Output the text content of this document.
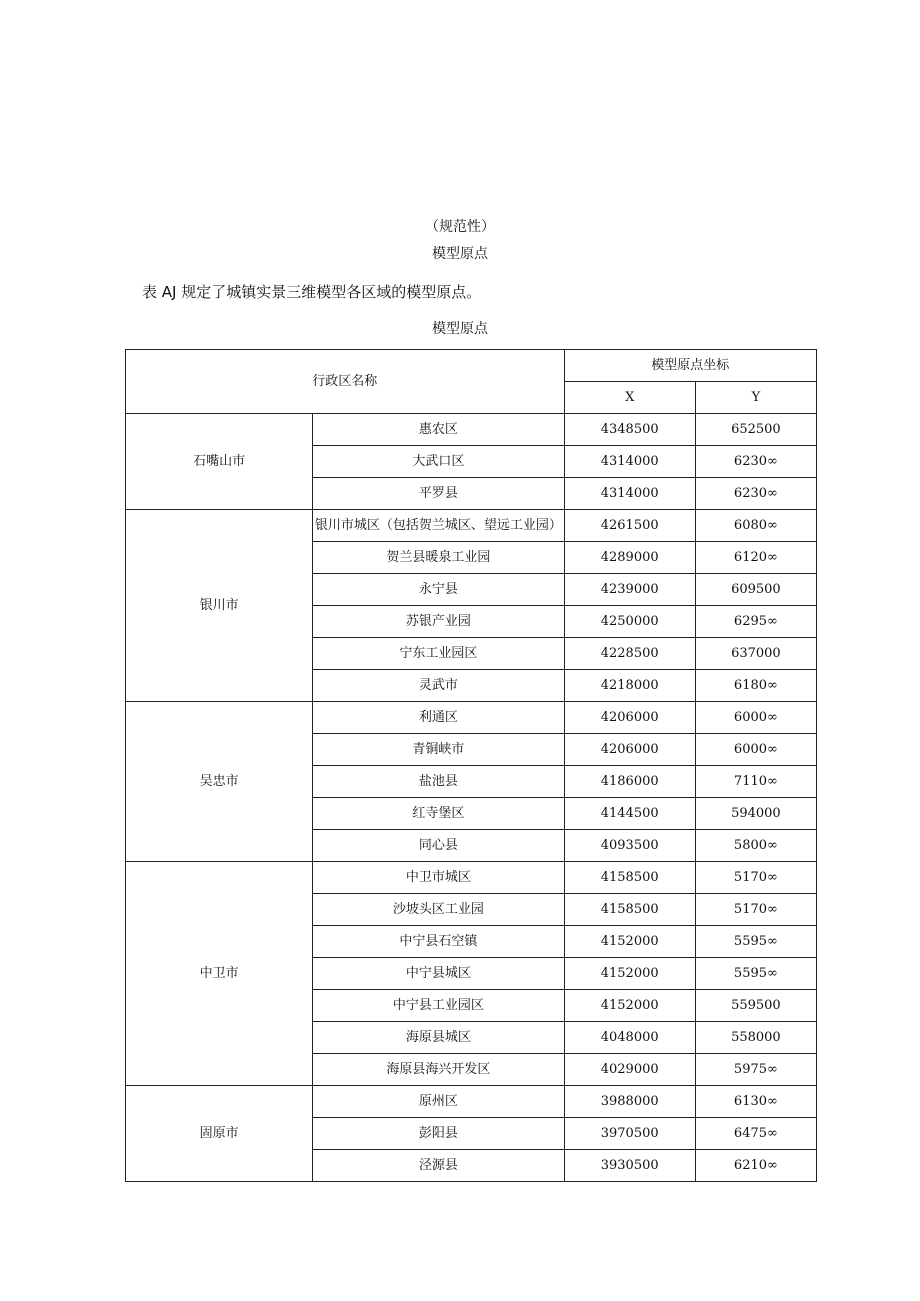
（规范性）
模型原点
表 AJ 规定了城镇实景三维模型各区域的模型原点。
模型原点
行政区名称		模型原点坐标	
		X	Y
石嘴山市	惠农区	4348500	652500
	大武口区	4314000	6230∞
	平罗县	4314000	6230∞
银川市	银川市城区（包括贺兰城区、望远工业园）	4261500	6080∞
	贺兰县暖泉工业园	4289000	6120∞
	永宁县	4239000	609500
	苏银产业园	4250000	6295∞
	宁东工业园区	4228500	637000
	灵武市	4218000	6180∞
吴忠市	利通区	4206000	6000∞
	青铜峡市	4206000	6000∞
	盐池县	4186000	7110∞
	红寺堡区	4144500	594000
	同心县	4093500	5800∞
中卫市	中卫市城区	4158500	5170∞
	沙坡头区工业园	4158500	5170∞
	中宁县石空镇	4152000	5595∞
	中宁县城区	4152000	5595∞
	中宁县工业园区	4152000	559500
	海原县城区	4048000	558000
	海原县海兴开发区	4029000	5975∞
固原市	原州区	3988000	6130∞
	彭阳县	3970500	6475∞
	泾源县	3930500	6210∞
